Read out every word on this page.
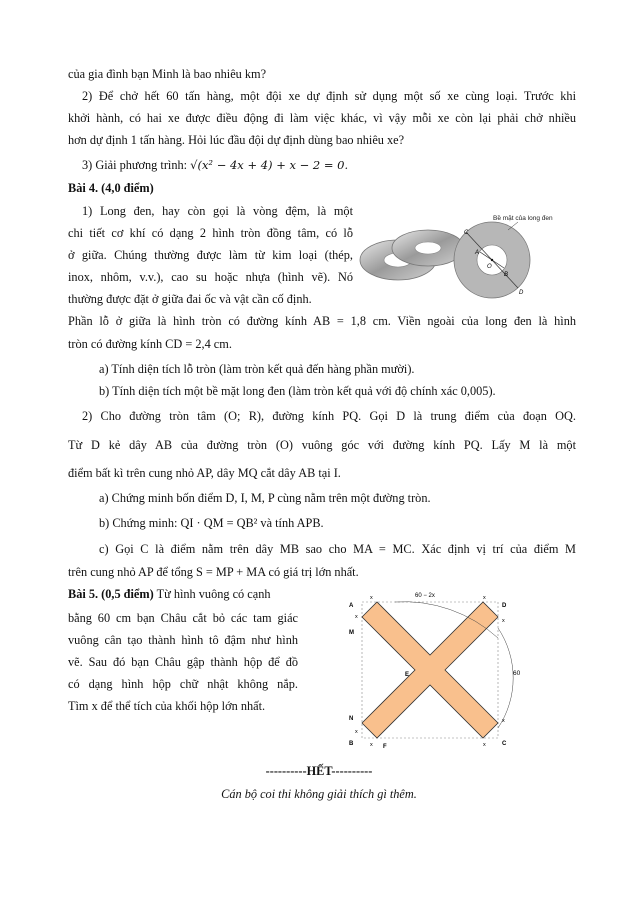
của gia đình bạn Minh là bao nhiêu km?
2) Để chở hết 60 tấn hàng, một đội xe dự định sử dụng một số xe cùng loại. Trước khi
khởi hành, có hai xe được điều động đi làm việc khác, vì vậy mỗi xe còn lại phải chở nhiều
hơn dự định 1 tấn hàng. Hỏi lúc đầu đội dự định dùng bao nhiêu xe?
3) Giải phương trình: √(x² − 4x + 4) + x − 2 = 0.
Bài 4. (4,0 điểm)
1) Long đen, hay còn gọi là vòng đệm, là một
chi tiết cơ khí có dạng 2 hình tròn đồng tâm, có lỗ
ở giữa. Chúng thường được làm từ kim loại (thép,
inox, nhôm, v.v.), cao su hoặc nhựa (hình vẽ). Nó
thường được đặt ở giữa đai ốc và vật cần cố định.
Phần lỗ ở giữa là hình tròn có đường kính AB = 1,8 cm. Viền ngoài của long đen là hình
tròn có đường kính CD = 2,4 cm.
Bề mặt của long đen
C
A
O
B
D
a) Tính diện tích lỗ tròn (làm tròn kết quả đến hàng phần mười).
b) Tính diện tích một bề mặt long đen (làm tròn kết quả với độ chính xác 0,005).
2) Cho đường tròn tâm (O; R), đường kính PQ. Gọi D là trung điểm của đoạn OQ.
Từ D kẻ dây AB của đường tròn (O) vuông góc với đường kính PQ. Lấy M là một
điểm bất kì trên cung nhỏ AP, dây MQ cắt dây AB tại I.
a) Chứng minh bốn điểm D, I, M, P cùng nằm trên một đường tròn.
b) Chứng minh: QI · QM = QB² và tính APB.
c) Gọi C là điểm nằm trên dây MB sao cho MA = MC. Xác định vị trí của điểm M
trên cung nhỏ AP để tổng S = MP + MA có giá trị lớn nhất.
Bài 5. (0,5 điểm) Từ hình vuông có cạnh
bằng 60 cm bạn Châu cắt bỏ các tam giác
vuông cân tạo thành hình tô đậm như hình
vẽ. Sau đó bạn Châu gập thành hộp để đồ
có dạng hình hộp chữ nhật không nắp.
Tìm x để thể tích của khối hộp lớn nhất.
60 − 2x
60
A	D
M
E
N
B	F	C
x	x
x
x
x
x	x
x
----------HẾT----------
Cán bộ coi thi không giải thích gì thêm.
